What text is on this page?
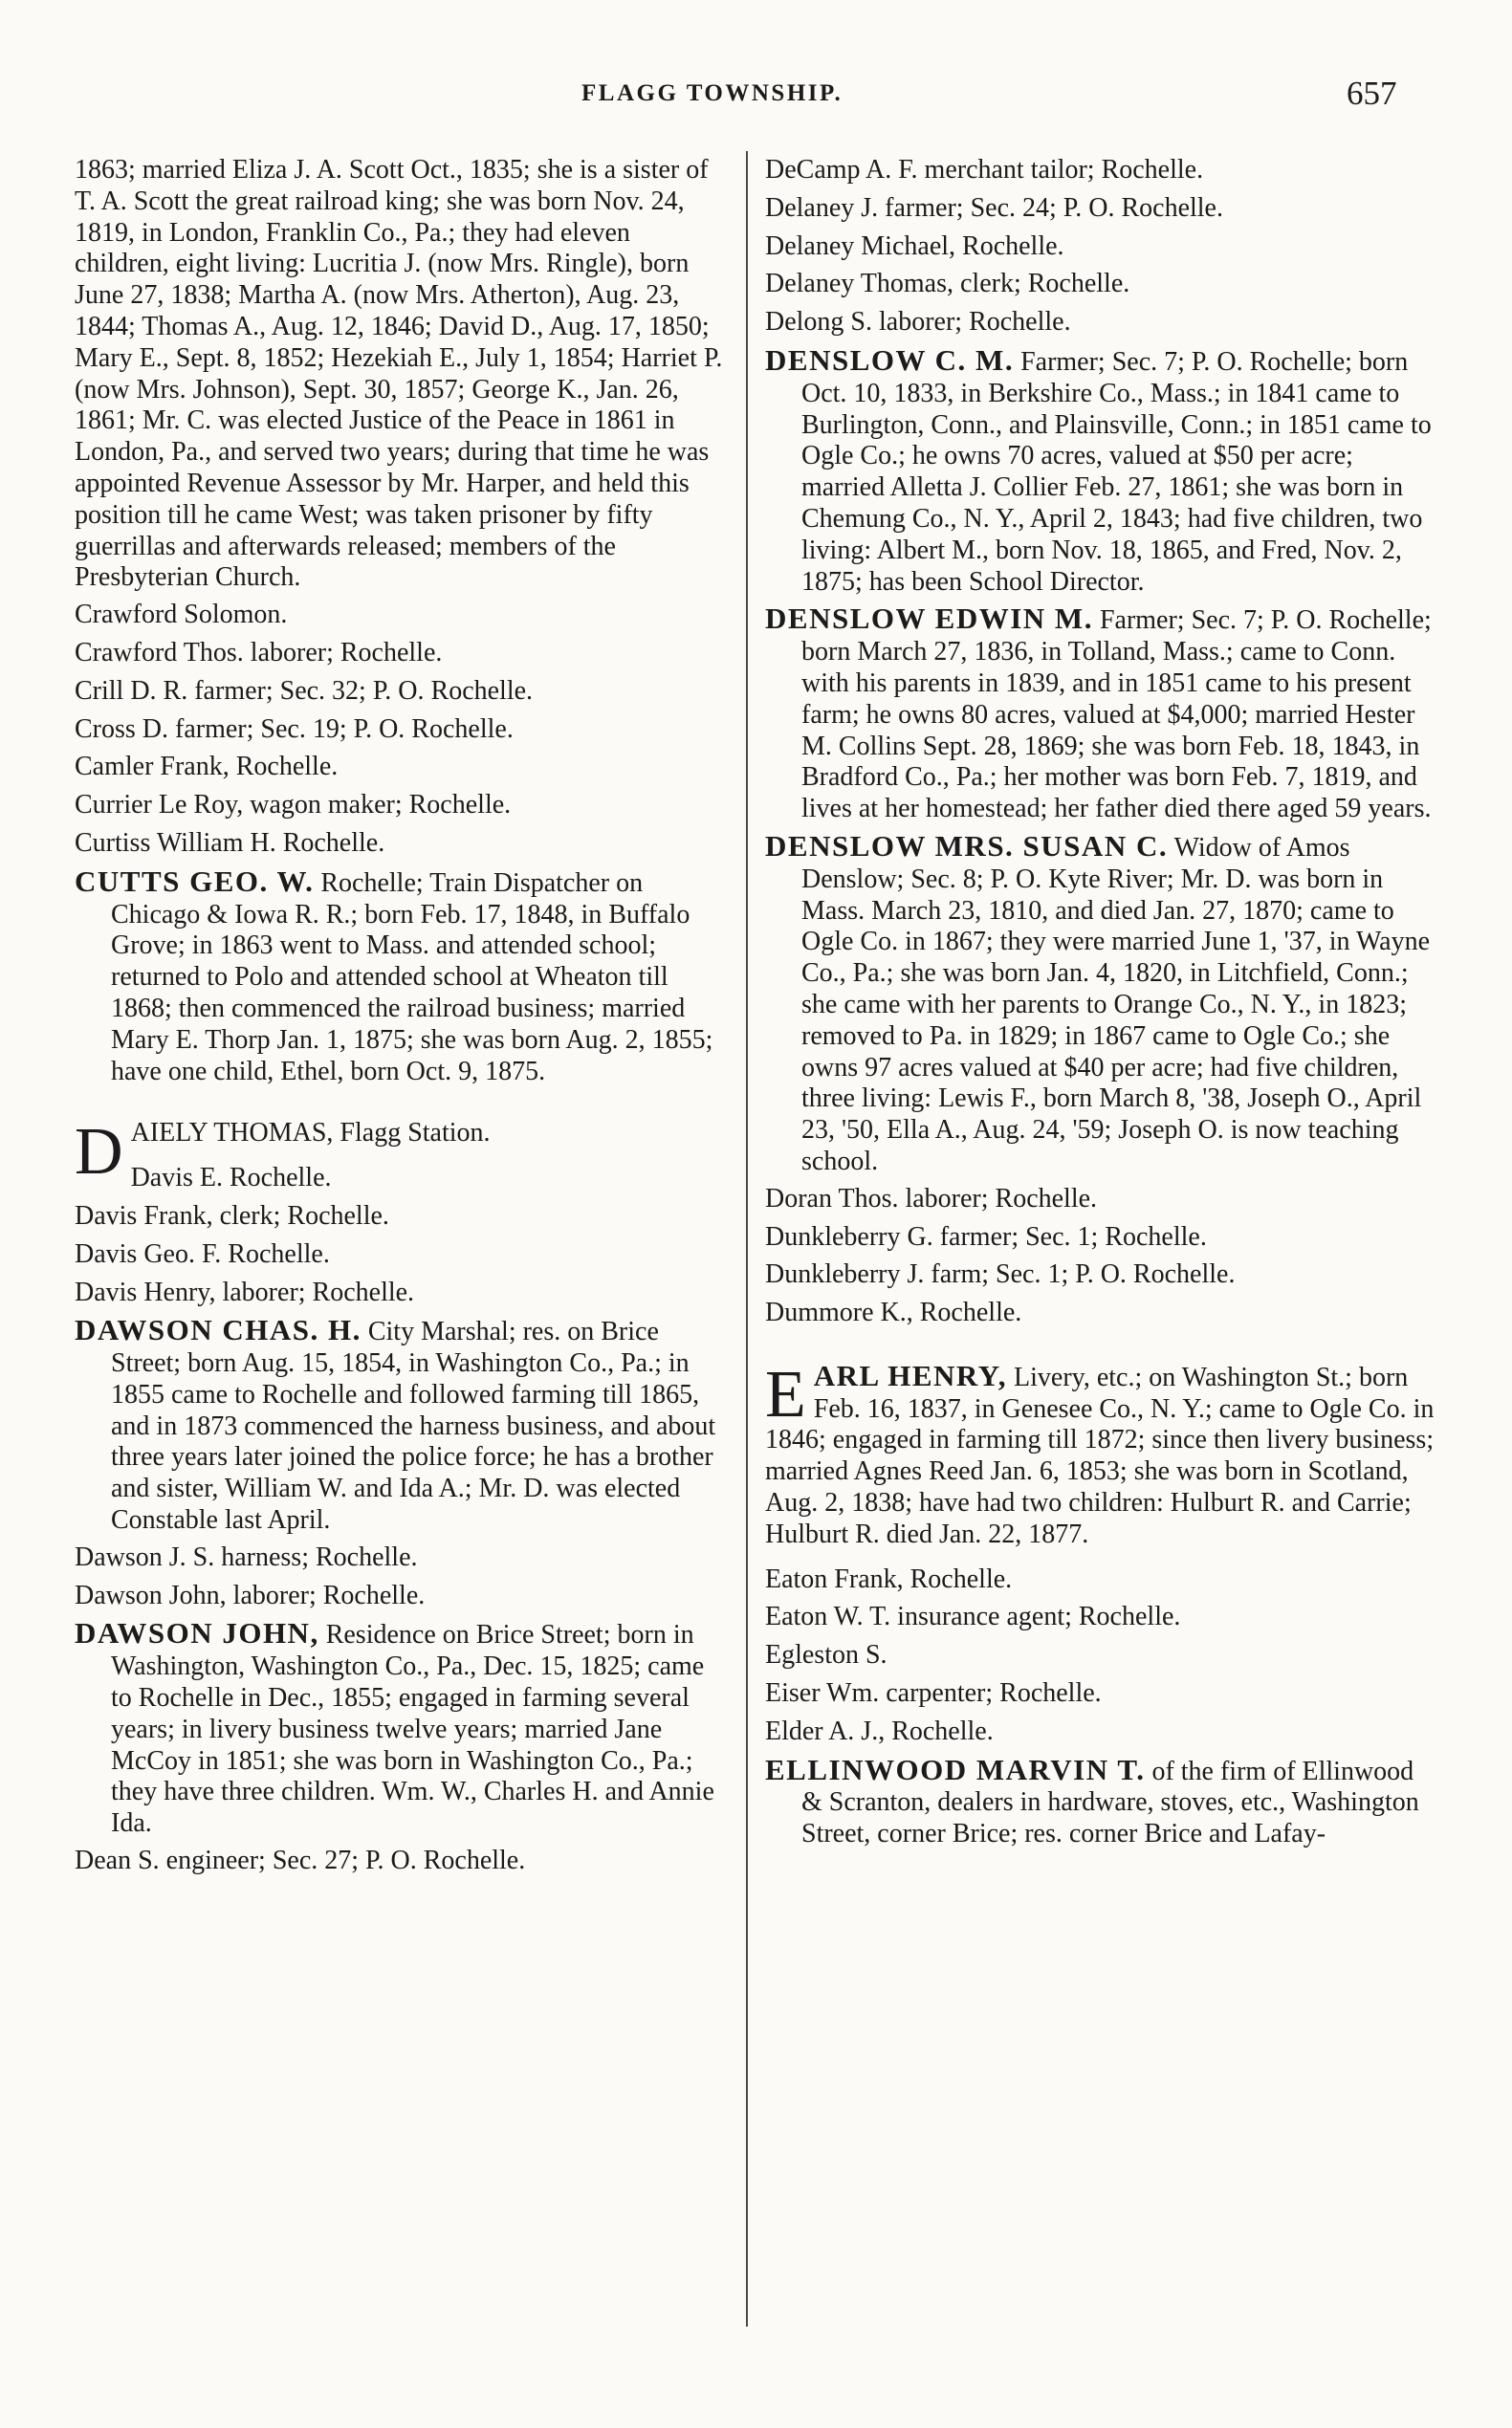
FLAGG TOWNSHIP.	657

1863; married Eliza J. A. Scott Oct., 1835; she is a sister of T. A. Scott the great railroad king; she was born Nov. 24, 1819, in London, Franklin Co., Pa.; they had eleven children, eight living: Lucritia J. (now Mrs. Ringle), born June 27, 1838; Martha A. (now Mrs. Atherton), Aug. 23, 1844; Thomas A., Aug. 12, 1846; David D., Aug. 17, 1850; Mary E., Sept. 8, 1852; Hezekiah E., July 1, 1854; Harriet P. (now Mrs. Johnson), Sept. 30, 1857; George K., Jan. 26, 1861; Mr. C. was elected Justice of the Peace in 1861 in London, Pa., and served two years; during that time he was appointed Revenue Assessor by Mr. Harper, and held this position till he came West; was taken prisoner by fifty guerrillas and afterwards released; members of the Presbyterian Church.

Crawford Solomon.

Crawford Thos. laborer; Rochelle.

Crill D. R. farmer; Sec. 32; P. O. Rochelle.

Cross D. farmer; Sec. 19; P. O. Rochelle.

Camler Frank, Rochelle.

Currier Le Roy, wagon maker; Rochelle.

Curtiss William H. Rochelle.

CUTTS GEO. W. Rochelle; Train Dispatcher on Chicago & Iowa R. R.; born Feb. 17, 1848, in Buffalo Grove; in 1863 went to Mass. and attended school; returned to Polo and attended school at Wheaton till 1868; then commenced the railroad business; married Mary E. Thorp Jan. 1, 1875; she was born Aug. 2, 1855; have one child, Ethel, born Oct. 9, 1875.

DAIELY THOMAS, Flagg Station.

Davis E. Rochelle.

Davis Frank, clerk; Rochelle.

Davis Geo. F. Rochelle.

Davis Henry, laborer; Rochelle.

DAWSON CHAS. H. City Marshal; res. on Brice Street; born Aug. 15, 1854, in Washington Co., Pa.; in 1855 came to Rochelle and followed farming till 1865, and in 1873 commenced the harness business, and about three years later joined the police force; he has a brother and sister, William W. and Ida A.; Mr. D. was elected Constable last April.

Dawson J. S. harness; Rochelle.

Dawson John, laborer; Rochelle.

DAWSON JOHN, Residence on Brice Street; born in Washington, Washington Co., Pa., Dec. 15, 1825; came to Rochelle in Dec., 1855; engaged in farming several years; in livery business twelve years; married Jane McCoy in 1851; she was born in Washington Co., Pa.; they have three children. Wm. W., Charles H. and Annie Ida.

Dean S. engineer; Sec. 27; P. O. Rochelle.

DeCamp A. F. merchant tailor; Rochelle.

Delaney J. farmer; Sec. 24; P. O. Rochelle.

Delaney Michael, Rochelle.

Delaney Thomas, clerk; Rochelle.

Delong S. laborer; Rochelle.

DENSLOW C. M. Farmer; Sec. 7; P. O. Rochelle; born Oct. 10, 1833, in Berkshire Co., Mass.; in 1841 came to Burlington, Conn., and Plainsville, Conn.; in 1851 came to Ogle Co.; he owns 70 acres, valued at $50 per acre; married Alletta J. Collier Feb. 27, 1861; she was born in Chemung Co., N. Y., April 2, 1843; had five children, two living: Albert M., born Nov. 18, 1865, and Fred, Nov. 2, 1875; has been School Director.

DENSLOW EDWIN M. Farmer; Sec. 7; P. O. Rochelle; born March 27, 1836, in Tolland, Mass.; came to Conn. with his parents in 1839, and in 1851 came to his present farm; he owns 80 acres, valued at $4,000; married Hester M. Collins Sept. 28, 1869; she was born Feb. 18, 1843, in Bradford Co., Pa.; her mother was born Feb. 7, 1819, and lives at her homestead; her father died there aged 59 years.

DENSLOW MRS. SUSAN C. Widow of Amos Denslow; Sec. 8; P. O. Kyte River; Mr. D. was born in Mass. March 23, 1810, and died Jan. 27, 1870; came to Ogle Co. in 1867; they were married June 1, '37, in Wayne Co., Pa.; she was born Jan. 4, 1820, in Litchfield, Conn.; she came with her parents to Orange Co., N. Y., in 1823; removed to Pa. in 1829; in 1867 came to Ogle Co.; she owns 97 acres valued at $40 per acre; had five children, three living: Lewis F., born March 8, '38, Joseph O., April 23, '50, Ella A., Aug. 24, '59; Joseph O. is now teaching school.

Doran Thos. laborer; Rochelle.

Dunkleberry G. farmer; Sec. 1; Rochelle.

Dunkleberry J. farm; Sec. 1; P. O. Rochelle.

Dummore K., Rochelle.

EARL HENRY, Livery, etc.; on Washington St.; born Feb. 16, 1837, in Genesee Co., N. Y.; came to Ogle Co. in 1846; engaged in farming till 1872; since then livery business; married Agnes Reed Jan. 6, 1853; she was born in Scotland, Aug. 2, 1838; have had two children: Hulburt R. and Carrie; Hulburt R. died Jan. 22, 1877.

Eaton Frank, Rochelle.

Eaton W. T. insurance agent; Rochelle.

Egleston S.

Eiser Wm. carpenter; Rochelle.

Elder A. J., Rochelle.

ELLINWOOD MARVIN T. of the firm of Ellinwood & Scranton, dealers in hardware, stoves, etc., Washington Street, corner Brice; res. corner Brice and Lafay-
